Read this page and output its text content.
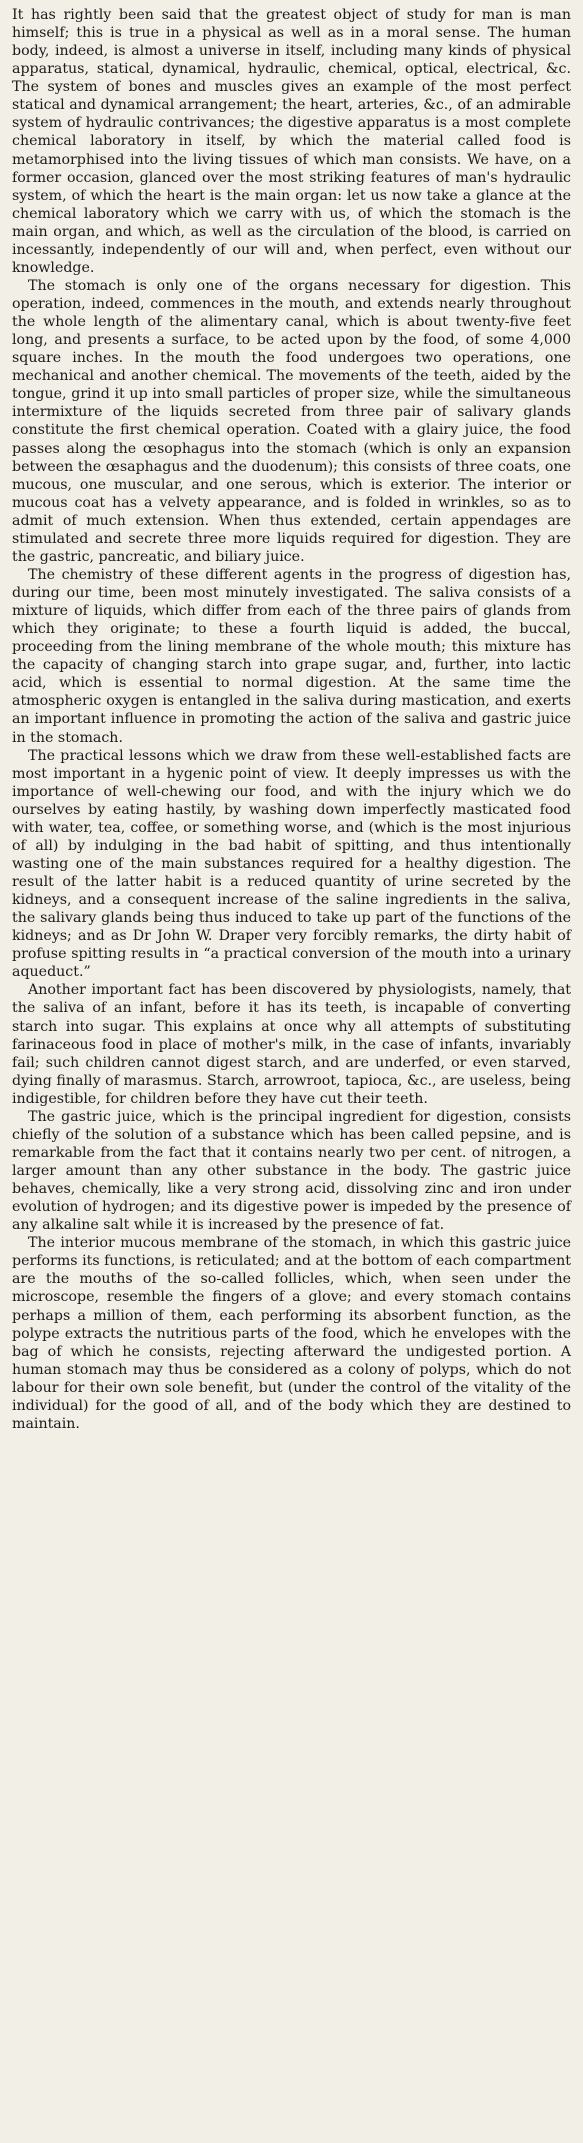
It has rightly been said that the greatest object of study for man is man himself; this is true in a physical as well as in a moral sense. The human body, indeed, is almost a universe in itself, including many kinds of physical apparatus, statical, dynamical, hydraulic, chemical, optical, electrical, &c. The system of bones and muscles gives an example of the most perfect statical and dynamical arrangement; the heart, arteries, &c., of an admirable system of hydraulic contrivances; the digestive apparatus is a most complete chemical laboratory in itself, by which the material called food is metamorphised into the living tissues of which man consists. We have, on a former occasion, glanced over the most striking features of man's hydraulic system, of which the heart is the main organ: let us now take a glance at the chemical laboratory which we carry with us, of which the stomach is the main organ, and which, as well as the circulation of the blood, is carried on incessantly, independently of our will and, when perfect, even without our knowledge.

The stomach is only one of the organs necessary for digestion. This operation, indeed, commences in the mouth, and extends nearly throughout the whole length of the alimentary canal, which is about twenty-five feet long, and presents a surface, to be acted upon by the food, of some 4,000 square inches. In the mouth the food undergoes two operations, one mechanical and another chemical. The movements of the teeth, aided by the tongue, grind it up into small particles of proper size, while the simultaneous intermixture of the liquids secreted from three pair of salivary glands constitute the first chemical operation. Coated with a glairy juice, the food passes along the œsophagus into the stomach (which is only an expansion between the œsaphagus and the duodenum); this consists of three coats, one mucous, one muscular, and one serous, which is exterior. The interior or mucous coat has a velvety appearance, and is folded in wrinkles, so as to admit of much extension. When thus extended, certain appendages are stimulated and secrete three more liquids required for digestion. They are the gastric, pancreatic, and biliary juice.

The chemistry of these different agents in the progress of digestion has, during our time, been most minutely investigated. The saliva consists of a mixture of liquids, which differ from each of the three pairs of glands from which they originate; to these a fourth liquid is added, the buccal, proceeding from the lining membrane of the whole mouth; this mixture has the capacity of changing starch into grape sugar, and, further, into lactic acid, which is essential to normal digestion. At the same time the atmospheric oxygen is entangled in the saliva during mastication, and exerts an important influence in promoting the action of the saliva and gastric juice in the stomach.

The practical lessons which we draw from these well-established facts are most important in a hygenic point of view. It deeply impresses us with the importance of well-chewing our food, and with the injury which we do ourselves by eating hastily, by washing down imperfectly masticated food with water, tea, coffee, or something worse, and (which is the most injurious of all) by indulging in the bad habit of spitting, and thus intentionally wasting one of the main substances required for a healthy digestion. The result of the latter habit is a reduced quantity of urine secreted by the kidneys, and a consequent increase of the saline ingredients in the saliva, the salivary glands being thus induced to take up part of the functions of the kidneys; and as Dr John W. Draper very forcibly remarks, the dirty habit of profuse spitting results in “a practical conversion of the mouth into a urinary aqueduct.”

Another important fact has been discovered by physiologists, namely, that the saliva of an infant, before it has its teeth, is incapable of converting starch into sugar. This explains at once why all attempts of substituting farinaceous food in place of mother's milk, in the case of infants, invariably fail; such children cannot digest starch, and are underfed, or even starved, dying finally of marasmus. Starch, arrowroot, tapioca, &c., are useless, being indigestible, for children before they have cut their teeth.

The gastric juice, which is the principal ingredient for digestion, consists chiefly of the solution of a substance which has been called pepsine, and is remarkable from the fact that it contains nearly two per cent. of nitrogen, a larger amount than any other substance in the body. The gastric juice behaves, chemically, like a very strong acid, dissolving zinc and iron under evolution of hydrogen; and its digestive power is impeded by the presence of any alkaline salt while it is increased by the presence of fat.

The interior mucous membrane of the stomach, in which this gastric juice performs its functions, is reticulated; and at the bottom of each compartment are the mouths of the so-called follicles, which, when seen under the microscope, resemble the fingers of a glove; and every stomach contains perhaps a million of them, each performing its absorbent function, as the polype extracts the nutritious parts of the food, which he envelopes with the bag of which he consists, rejecting afterward the undigested portion. A human stomach may thus be considered as a colony of polyps, which do not labour for their own sole benefit, but (under the control of the vitality of the individual) for the good of all, and of the body which they are destined to maintain.
